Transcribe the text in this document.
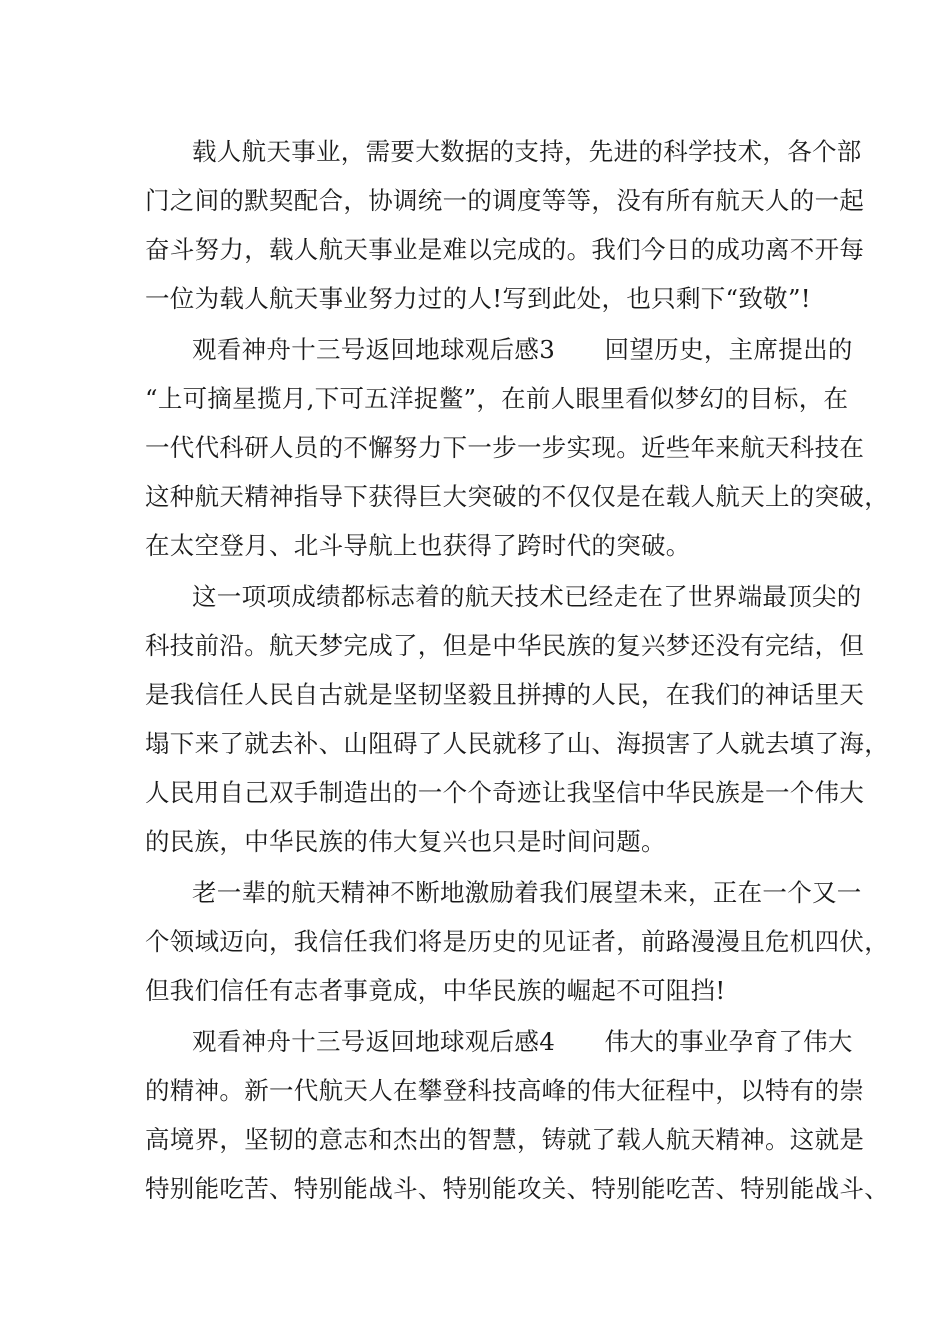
载人航天事业，需要大数据的支持，先进的科学技术，各个部
门之间的默契配合，协调统一的调度等等，没有所有航天人的一起
奋斗努力，载人航天事业是难以完成的。我们今日的成功离不开每
一位为载人航天事业努力过的人!写到此处，也只剩下“致敬”!
观看神舟十三号返回地球观后感3　　回望历史，主席提出的
“上可摘星揽月,下可五洋捉鳖”，在前人眼里看似梦幻的目标，在
一代代科研人员的不懈努力下一步一步实现。近些年来航天科技在
这种航天精神指导下获得巨大突破的不仅仅是在载人航天上的突破，
在太空登月、北斗导航上也获得了跨时代的突破。
这一项项成绩都标志着的航天技术已经走在了世界端最顶尖的
科技前沿。航天梦完成了，但是中华民族的复兴梦还没有完结，但
是我信任人民自古就是坚韧坚毅且拼搏的人民，在我们的神话里天
塌下来了就去补、山阻碍了人民就移了山、海损害了人就去填了海，
人民用自己双手制造出的一个个奇迹让我坚信中华民族是一个伟大
的民族，中华民族的伟大复兴也只是时间问题。
老一辈的航天精神不断地激励着我们展望未来，正在一个又一
个领域迈向，我信任我们将是历史的见证者，前路漫漫且危机四伏，
但我们信任有志者事竟成，中华民族的崛起不可阻挡!
观看神舟十三号返回地球观后感4　　伟大的事业孕育了伟大
的精神。新一代航天人在攀登科技高峰的伟大征程中，以特有的崇
高境界，坚韧的意志和杰出的智慧，铸就了载人航天精神。这就是
特别能吃苦、特别能战斗、特别能攻关、特别能吃苦、特别能战斗、
